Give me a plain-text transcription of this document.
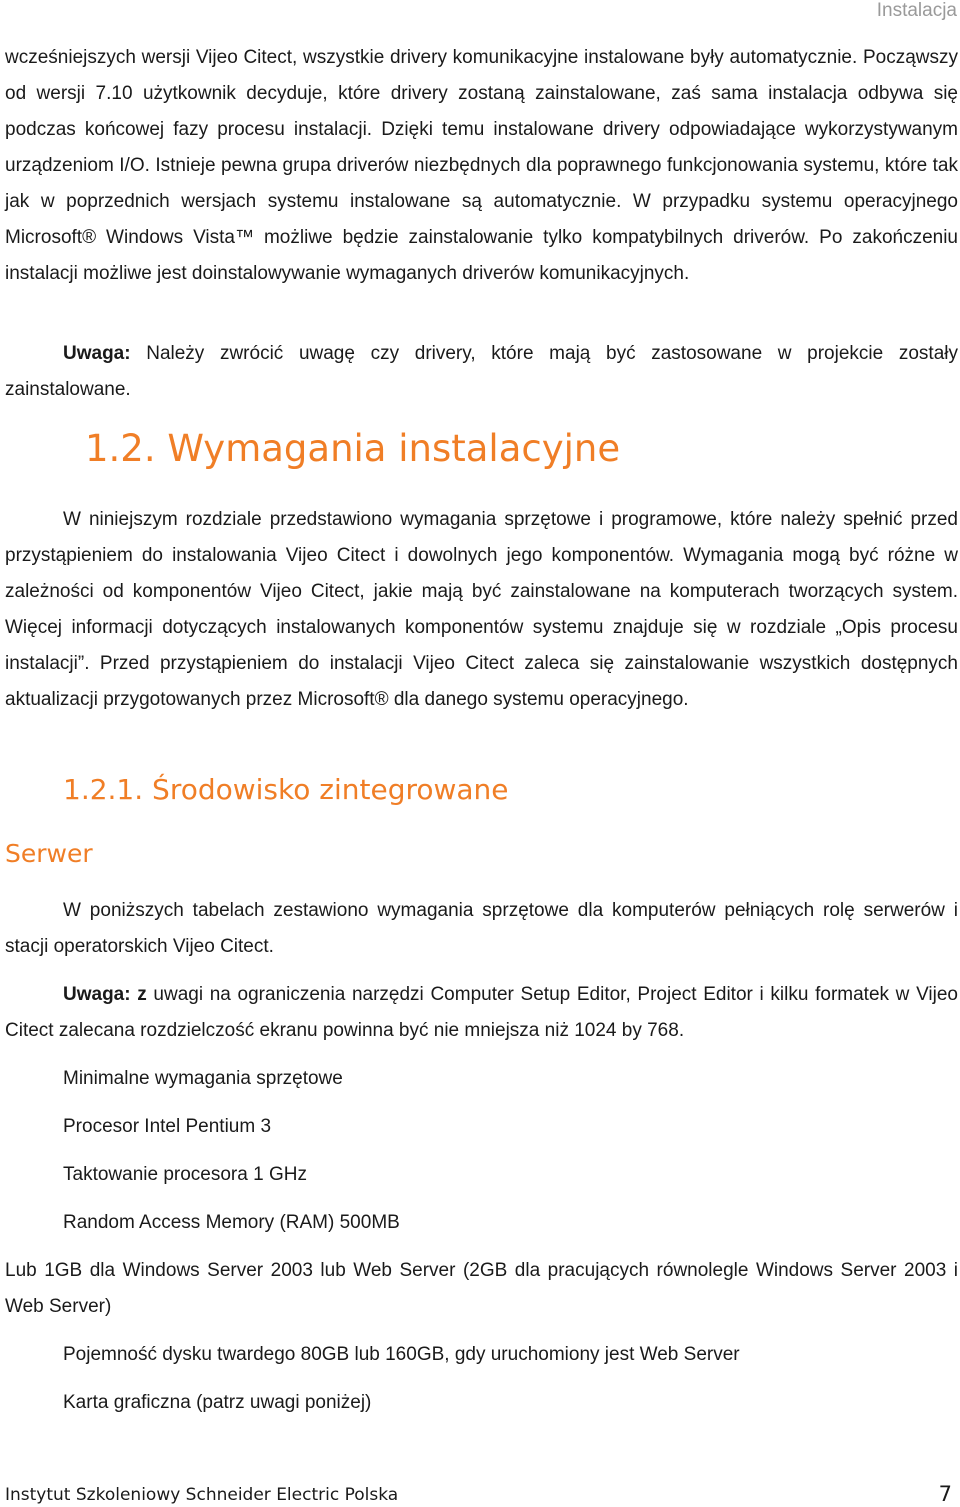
Instalacja

wcześniejszych wersji Vijeo Citect, wszystkie drivery komunikacyjne instalowane były automatycznie. Począwszy od wersji 7.10 użytkownik decyduje, które drivery zostaną zainstalowane, zaś sama instalacja odbywa się podczas końcowej fazy procesu instalacji. Dzięki temu instalowane drivery odpowiadające wykorzystywanym urządzeniom I/O. Istnieje pewna grupa driverów niezbędnych dla poprawnego funkcjonowania systemu, które tak jak w poprzednich wersjach systemu instalowane są automatycznie. W przypadku systemu operacyjnego Microsoft® Windows Vista™ możliwe będzie zainstalowanie tylko kompatybilnych driverów. Po zakończeniu instalacji możliwe jest doinstalowywanie wymaganych driverów komunikacyjnych.

Uwaga: Należy zwrócić uwagę czy drivery, które mają być zastosowane w projekcie zostały zainstalowane.

1.2. Wymagania instalacyjne

W niniejszym rozdziale przedstawiono wymagania sprzętowe i programowe, które należy spełnić przed przystąpieniem do instalowania Vijeo Citect i dowolnych jego komponentów. Wymagania mogą być różne w zależności od komponentów Vijeo Citect, jakie mają być zainstalowane na komputerach tworzących system. Więcej informacji dotyczących instalowanych komponentów systemu znajduje się w rozdziale „Opis procesu instalacji”. Przed przystąpieniem do instalacji Vijeo Citect zaleca się zainstalowanie wszystkich dostępnych aktualizacji przygotowanych przez Microsoft® dla danego systemu operacyjnego.

1.2.1. Środowisko zintegrowane
Serwer

W poniższych tabelach zestawiono wymagania sprzętowe dla komputerów pełniących rolę serwerów i stacji operatorskich Vijeo Citect.

Uwaga: z uwagi na ograniczenia narzędzi Computer Setup Editor, Project Editor i kilku formatek w Vijeo Citect zalecana rozdzielczość ekranu powinna być nie mniejsza niż 1024 by 768.

Minimalne wymagania sprzętowe

Procesor Intel Pentium 3

Taktowanie procesora 1 GHz

Random Access Memory (RAM) 500MB

Lub 1GB dla Windows Server 2003 lub Web Server (2GB dla pracujących równolegle Windows Server 2003 i Web Server)

Pojemność dysku twardego 80GB lub 160GB, gdy uruchomiony jest Web Server

Karta graficzna (patrz uwagi poniżej)

Instytut Szkoleniowy Schneider Electric Polska	7
